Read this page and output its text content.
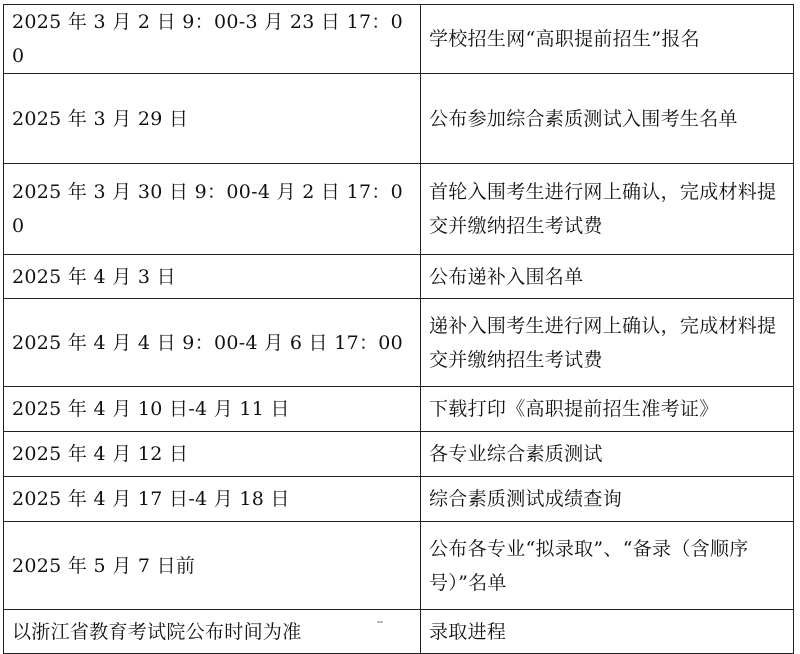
2025 年 3 月 2 日 9：00-3 月 23 日 17：00	学校招生网“高职提前招生”报名
2025 年 3 月 29 日	公布参加综合素质测试入围考生名单
2025 年 3 月 30 日 9：00-4 月 2 日 17：00	首轮入围考生进行网上确认，完成材料提交并缴纳招生考试费
2025 年 4 月 3 日	公布递补入围名单
2025 年 4 月 4 日 9：00-4 月 6 日 17：00	递补入围考生进行网上确认，完成材料提交并缴纳招生考试费
2025 年 4 月 10 日-4 月 11 日	下载打印《高职提前招生准考证》
2025 年 4 月 12 日	各专业综合素质测试
2025 年 4 月 17 日-4 月 18 日	综合素质测试成绩查询
2025 年 5 月 7 日前	公布各专业“拟录取”、“备录（含顺序号）”名单
以浙江省教育考试院公布时间为准	录取进程
